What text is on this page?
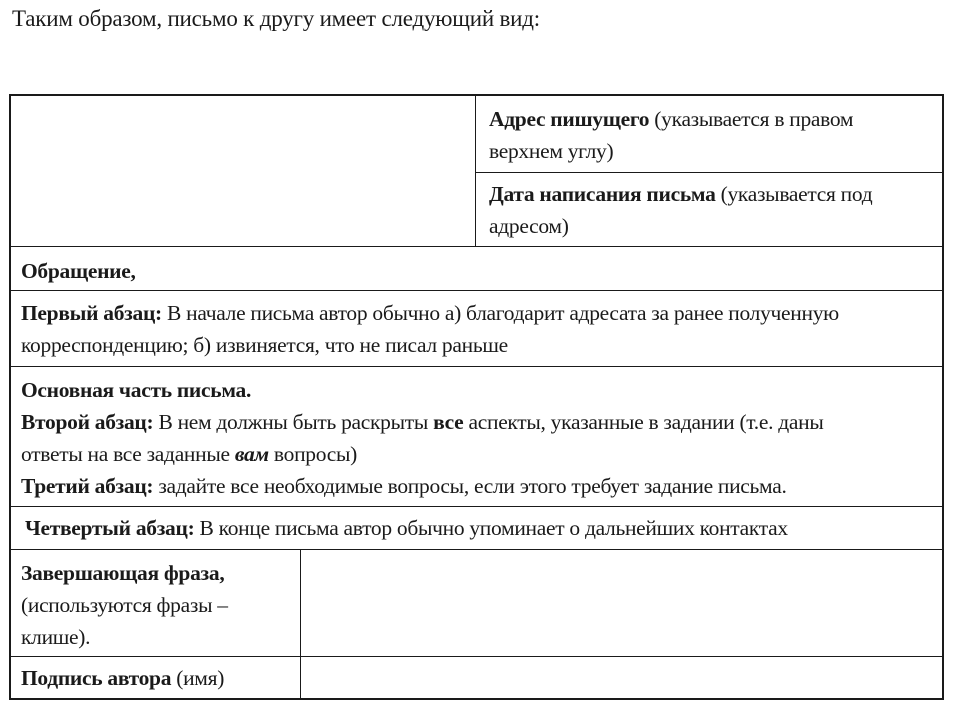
Таким образом, письмо к другу имеет следующий вид:
Адрес пишущего (указывается в правом
верхнем углу)
Дата написания письма (указывается под
адресом)
Обращение,
Первый абзац: В начале письма автор обычно а) благодарит адресата за ранее полученную
корреспонденцию; б) извиняется, что не писал раньше
Основная часть письма.
Второй абзац: В нем должны быть раскрыты все аспекты, указанные в задании (т.е. даны
ответы на все заданные вам вопросы)
Третий абзац: задайте все необходимые вопросы, если этого требует задание письма.
Четвертый абзац: В конце письма автор обычно упоминает о дальнейших контактах
Завершающая фраза,
(используются фразы –
клише).
Подпись автора (имя)
